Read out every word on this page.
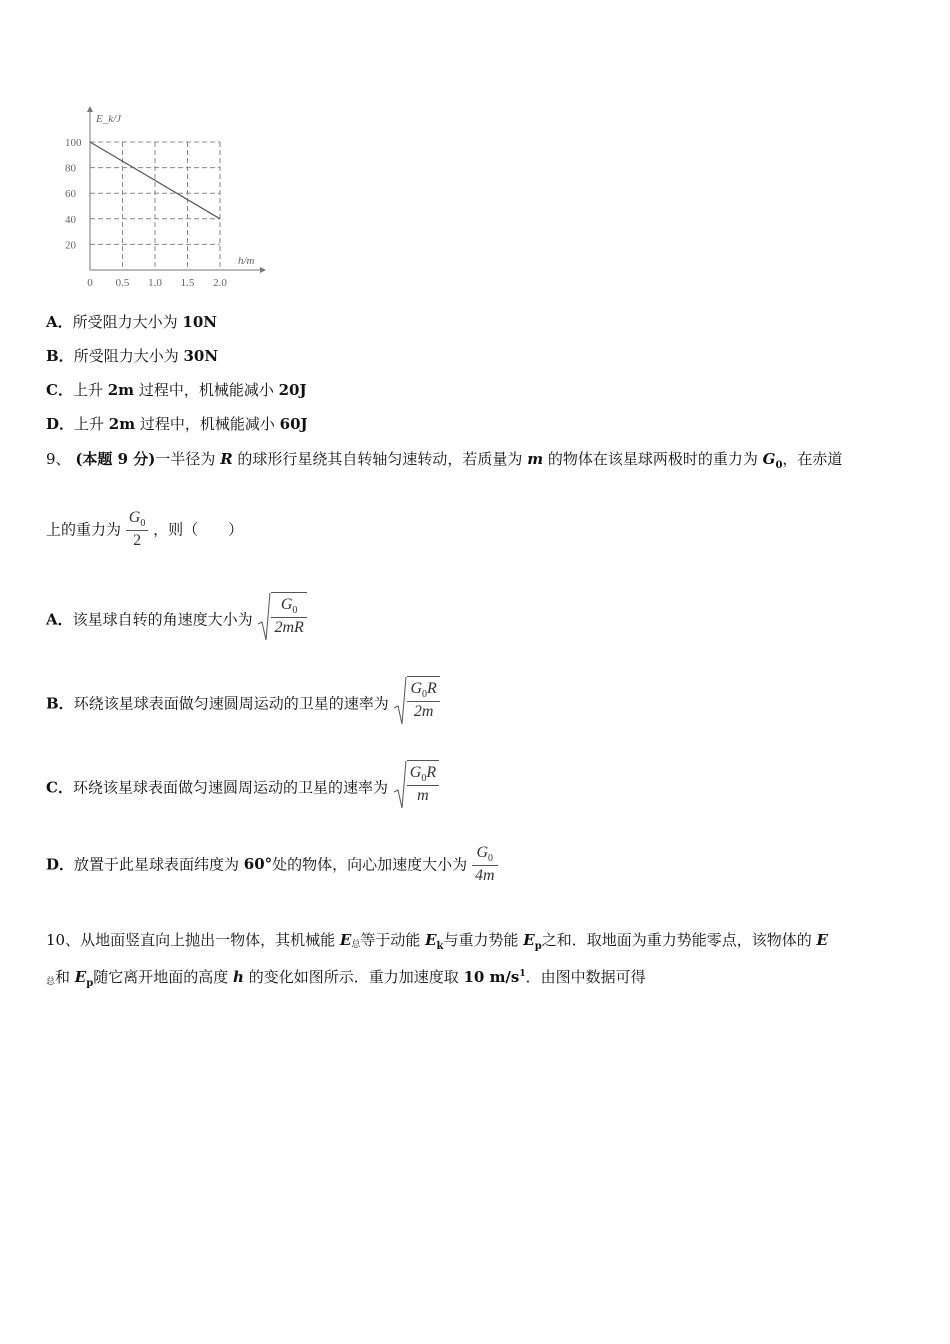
100
80
60
40
20
0.5 1.0 1.5 2.0
0
E_k/J
h/m
A．所受阻力大小为 10N
B．所受阻力大小为 30N
C．上升 2m 过程中，机械能减小 20J
D．上升 2m 过程中，机械能减小 60J
9、 (本题 9 分)一半径为 R 的球形行星绕其自转轴匀速转动，若质量为 m 的物体在该星球两极时的重力为 $G_0$，在赤道
上的重力为 $\frac{G_0}{2}$ ，则（　　）
A．该星球自转的角速度大小为 $\frac{G_0}{2mR}$
B．环绕该星球表面做匀速圆周运动的卫星的速率为 $\frac{G_0R}{2m}$
C．环绕该星球表面做匀速圆周运动的卫星的速率为 $\frac{G_0R}{m}$
D．放置于此星球表面纬度为 60°处的物体，向心加速度大小为 $\frac{G_0}{4m}$
10、从地面竖直向上抛出一物体，其机械能 E总等于动能 $E_k$与重力势能 $E_p$之和．取地面为重力势能零点，该物体的 E
总和 $E_p$随它离开地面的高度 h 的变化如图所示．重力加速度取 10 $m/s^1$．由图中数据可得
